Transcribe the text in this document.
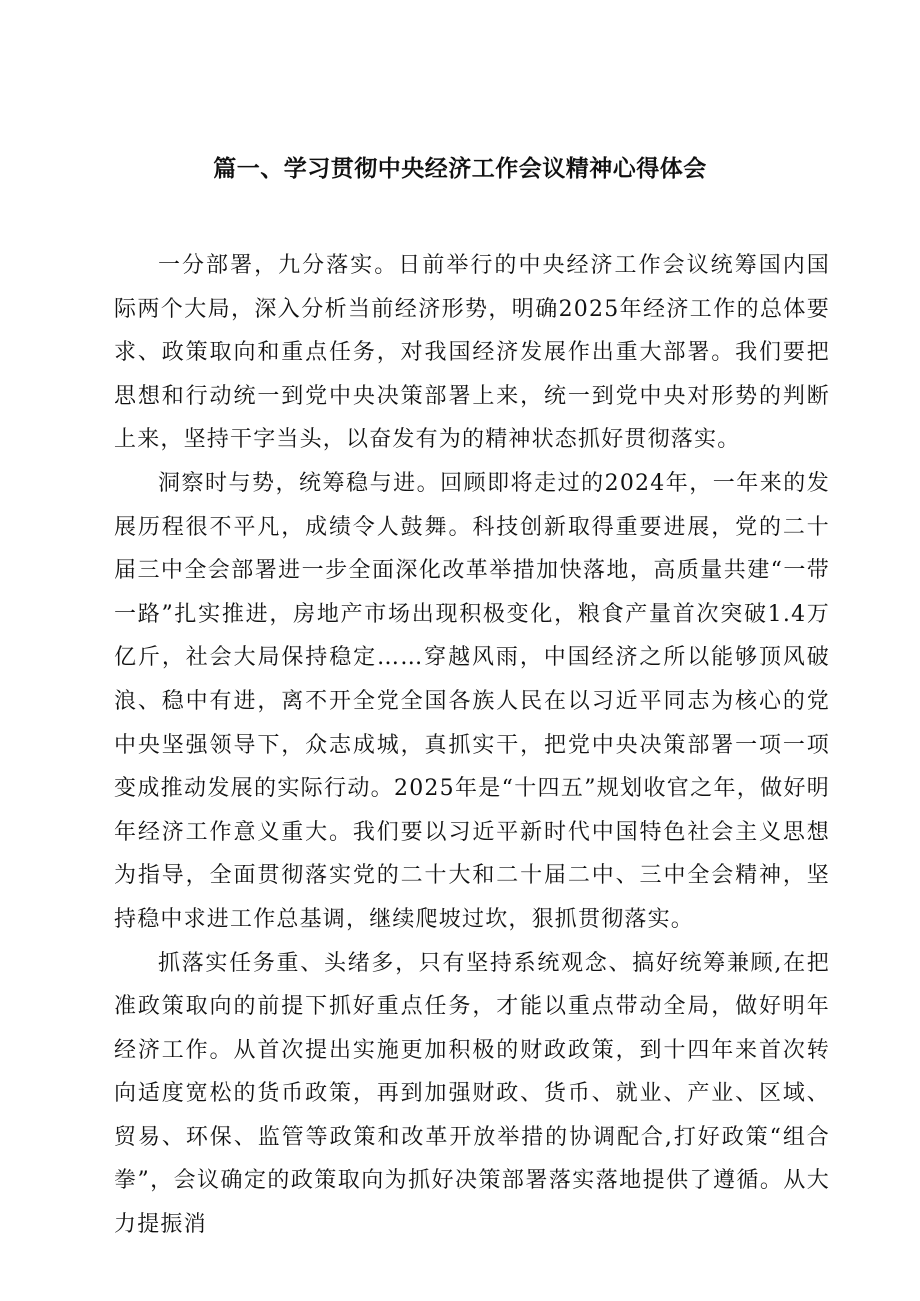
篇一、学习贯彻中央经济工作会议精神心得体会

一分部署，九分落实。日前举行的中央经济工作会议统筹国内国际两个大局，深入分析当前经济形势，明确2025年经济工作的总体要求、政策取向和重点任务，对我国经济发展作出重大部署。我们要把思想和行动统一到党中央决策部署上来，统一到党中央对形势的判断上来，坚持干字当头，以奋发有为的精神状态抓好贯彻落实。

洞察时与势，统筹稳与进。回顾即将走过的2024年，一年来的发展历程很不平凡，成绩令人鼓舞。科技创新取得重要进展，党的二十届三中全会部署进一步全面深化改革举措加快落地，高质量共建“一带一路”扎实推进，房地产市场出现积极变化，粮食产量首次突破1.4万亿斤，社会大局保持稳定……穿越风雨，中国经济之所以能够顶风破浪、稳中有进，离不开全党全国各族人民在以习近平同志为核心的党中央坚强领导下，众志成城，真抓实干，把党中央决策部署一项一项变成推动发展的实际行动。2025年是“十四五”规划收官之年，做好明年经济工作意义重大。我们要以习近平新时代中国特色社会主义思想为指导，全面贯彻落实党的二十大和二十届二中、三中全会精神，坚持稳中求进工作总基调，继续爬坡过坎，狠抓贯彻落实。

抓落实任务重、头绪多，只有坚持系统观念、搞好统筹兼顾,在把准政策取向的前提下抓好重点任务，才能以重点带动全局，做好明年经济工作。从首次提出实施更加积极的财政政策，到十四年来首次转向适度宽松的货币政策，再到加强财政、货币、就业、产业、区域、贸易、环保、监管等政策和改革开放举措的协调配合,打好政策“组合拳”，会议确定的政策取向为抓好决策部署落实落地提供了遵循。从大力提振消
